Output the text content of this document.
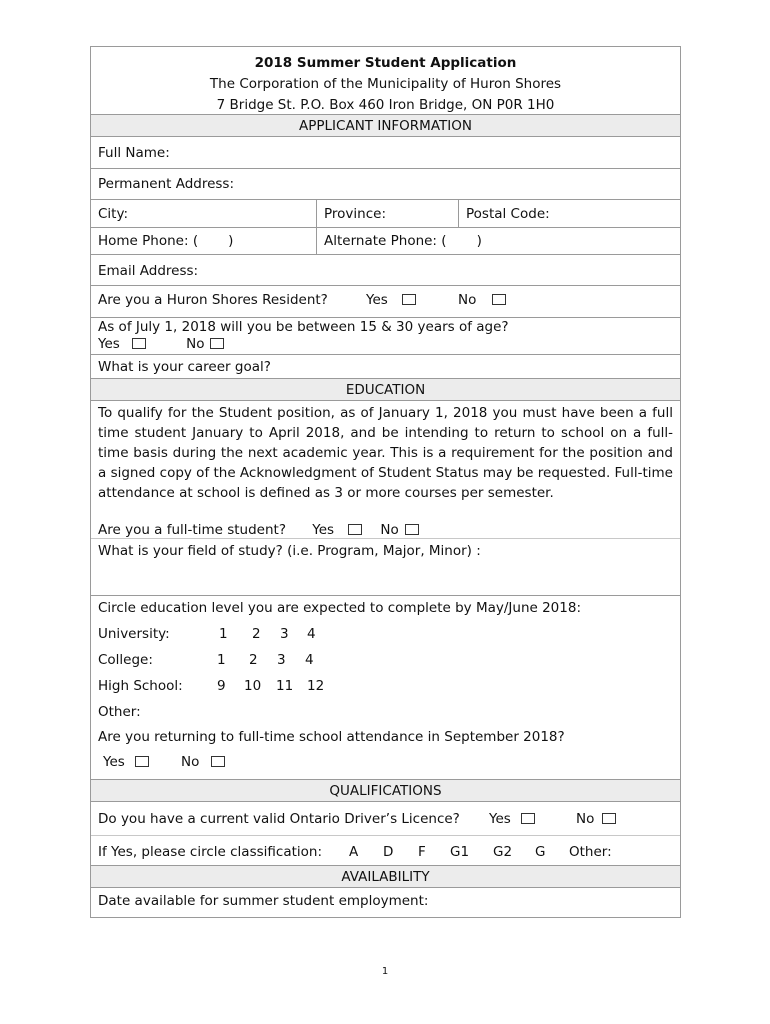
2018 Summer Student Application
The Corporation of the Municipality of Huron Shores
7 Bridge St. P.O. Box 460 Iron Bridge, ON P0R 1H0
APPLICANT INFORMATION
Full Name:
Permanent Address:
City:	Province:	Postal Code:
Home Phone: (       )	Alternate Phone: (       )
Email Address:
Are you a Huron Shores Resident?	Yes	No
As of July 1, 2018 will you be between 15 & 30 years of age?
Yes	No
What is your career goal?
EDUCATION
To qualify for the Student position, as of January 1, 2018 you must have been a full time student January to April 2018, and be intending to return to school on a full-time basis during the next academic year. This is a requirement for the position and a signed copy of the Acknowledgment of Student Status may be requested. Full-time attendance at school is defined as 3 or more courses per semester.
Are you a full-time student? Yes	No
What is your field of study? (i.e. Program, Major, Minor) :
Circle education level you are expected to complete by May/June 2018:
University:	1 2 3 4
College:	1 2 3 4
High School:	9 10 11 12
Other:
Are you returning to full-time school attendance in September 2018?
Yes	No
QUALIFICATIONS
Do you have a current valid Ontario Driver’s Licence? Yes	No
If Yes, please circle classification: A D F G1 G2 G Other:
AVAILABILITY
Date available for summer student employment:
1
